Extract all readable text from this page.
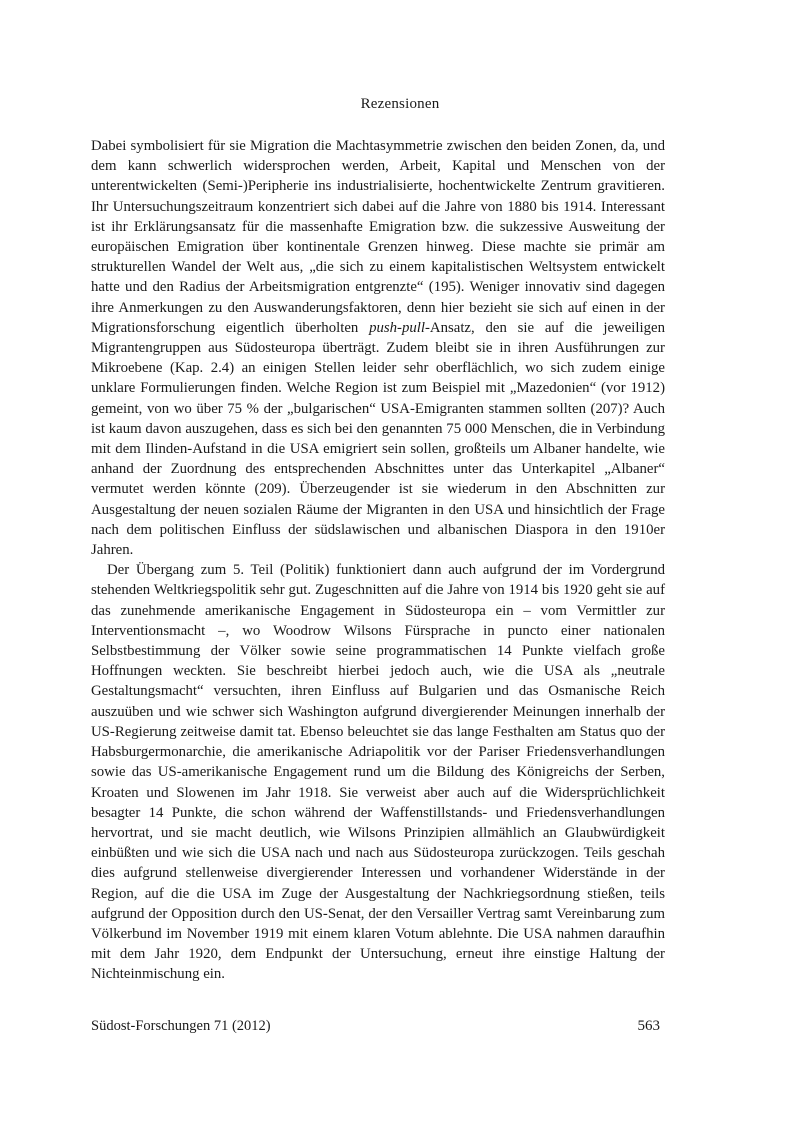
Rezensionen

Dabei symbolisiert für sie Migration die Machtasymmetrie zwischen den beiden Zonen, da, und dem kann schwerlich widersprochen werden, Arbeit, Kapital und Menschen von der unterentwickelten (Semi-)Peripherie ins industrialisierte, hochentwickelte Zentrum gravitieren. Ihr Untersuchungszeitraum konzentriert sich dabei auf die Jahre von 1880 bis 1914. Interessant ist ihr Erklärungsansatz für die massenhafte Emigration bzw. die sukzessive Ausweitung der europäischen Emigration über kontinentale Grenzen hinweg. Diese machte sie primär am strukturellen Wandel der Welt aus, „die sich zu einem kapitalistischen Weltsystem entwickelt hatte und den Radius der Arbeitsmigration entgrenzte“ (195). Weniger innovativ sind dagegen ihre Anmerkungen zu den Auswanderungsfaktoren, denn hier bezieht sie sich auf einen in der Migrationsforschung eigentlich überholten push-pull-Ansatz, den sie auf die jeweiligen Migrantengruppen aus Südosteuropa überträgt. Zudem bleibt sie in ihren Ausführungen zur Mikroebene (Kap. 2.4) an einigen Stellen leider sehr oberflächlich, wo sich zudem einige unklare Formulierungen finden. Welche Region ist zum Beispiel mit „Mazedonien“ (vor 1912) gemeint, von wo über 75 % der „bulgarischen“ USA-Emigranten stammen sollten (207)? Auch ist kaum davon auszugehen, dass es sich bei den genannten 75 000 Menschen, die in Verbindung mit dem Ilinden-Aufstand in die USA emigriert sein sollen, großteils um Albaner handelte, wie anhand der Zuordnung des entsprechenden Abschnittes unter das Unterkapitel „Albaner“ vermutet werden könnte (209). Überzeugender ist sie wiederum in den Abschnitten zur Ausgestaltung der neuen sozialen Räume der Migranten in den USA und hinsichtlich der Frage nach dem politischen Einfluss der südslawischen und albanischen Diaspora in den 1910er Jahren.

Der Übergang zum 5. Teil (Politik) funktioniert dann auch aufgrund der im Vordergrund stehenden Weltkriegspolitik sehr gut. Zugeschnitten auf die Jahre von 1914 bis 1920 geht sie auf das zunehmende amerikanische Engagement in Südosteuropa ein – vom Vermittler zur Interventionsmacht –, wo Woodrow Wilsons Fürsprache in puncto einer nationalen Selbstbestimmung der Völker sowie seine programmatischen 14 Punkte vielfach große Hoffnungen weckten. Sie beschreibt hierbei jedoch auch, wie die USA als „neutrale Gestaltungsmacht“ versuchten, ihren Einfluss auf Bulgarien und das Osmanische Reich auszuüben und wie schwer sich Washington aufgrund divergierender Meinungen innerhalb der US-Regierung zeitweise damit tat. Ebenso beleuchtet sie das lange Festhalten am Status quo der Habsburgermonarchie, die amerikanische Adriapolitik vor der Pariser Friedensverhandlungen sowie das US-amerikanische Engagement rund um die Bildung des Königreichs der Serben, Kroaten und Slowenen im Jahr 1918. Sie verweist aber auch auf die Widersprüchlichkeit besagter 14 Punkte, die schon während der Waffenstillstands- und Friedensverhandlungen hervortrat, und sie macht deutlich, wie Wilsons Prinzipien allmählich an Glaubwürdigkeit einbüßten und wie sich die USA nach und nach aus Südosteuropa zurückzogen. Teils geschah dies aufgrund stellenweise divergierender Interessen und vorhandener Widerstände in der Region, auf die die USA im Zuge der Ausgestaltung der Nachkriegsordnung stießen, teils aufgrund der Opposition durch den US-Senat, der den Versailler Vertrag samt Vereinbarung zum Völkerbund im November 1919 mit einem klaren Votum ablehnte. Die USA nahmen daraufhin mit dem Jahr 1920, dem Endpunkt der Untersuchung, erneut ihre einstige Haltung der Nichteinmischung ein.

Südost-Forschungen 71 (2012)	563
